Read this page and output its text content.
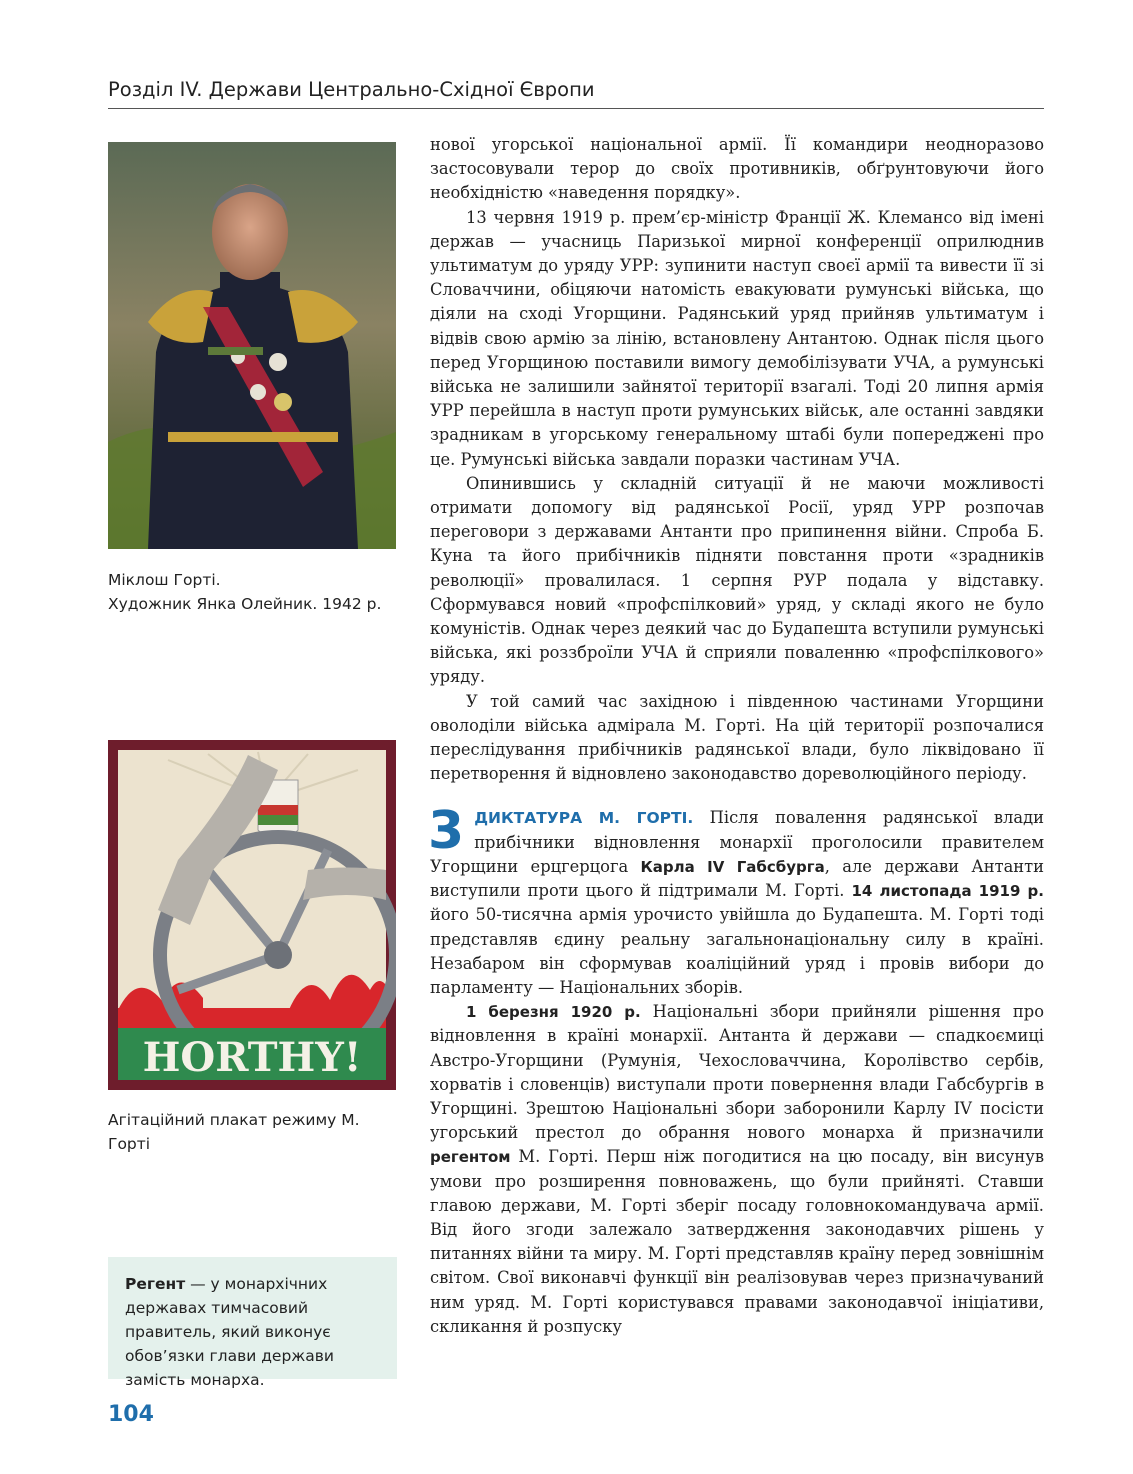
Розділ IV. Держави Центрально-Східної Європи
Міклош Горті.
Художник Янка Олейник. 1942 р.
HORTHY!
Агітаційний плакат режиму М. Горті
Регент — у монархічних державах тимчасовий правитель, який виконує обов’язки глави держави замість монарха.
104

нової угорської національної армії. Її командири неодноразово застосовували терор до своїх противників, обґрунтовуючи його необхідністю «наведення порядку».

13 червня 1919 р. прем’єр-міністр Франції Ж. Клемансо від імені держав — учасниць Паризької мирної конференції оприлюднив ультиматум до уряду УРР: зупинити наступ своєї армії та вивести її зі Словаччини, обіцяючи натомість евакуювати румунські війська, що діяли на сході Угорщини. Радянський уряд прийняв ультиматум і відвів свою армію за лінію, встановлену Антантою. Однак після цього перед Угорщиною поставили вимогу демобілізувати УЧА, а румунські війська не залишили зайнятої території взагалі. Тоді 20 липня армія УРР перейшла в наступ проти румунських військ, але останні завдяки зрадникам в угорському генеральному штабі були попереджені про це. Румунські війська завдали поразки частинам УЧА.

Опинившись у складній ситуації й не маючи можливості отримати допомогу від радянської Росії, уряд УРР розпочав переговори з державами Антанти про припинення війни. Спроба Б. Куна та його прибічників підняти повстання проти «зрадників революції» провалилася. 1 серпня РУР подала у відставку. Сформувався новий «профспілковий» уряд, у складі якого не було комуністів. Однак через деякий час до Будапешта вступили румунські війська, які роззброїли УЧА й сприяли поваленню «профспілкового» уряду.

У той самий час західною і південною частинами Угорщини оволоділи війська адмірала М. Горті. На цій території розпочалися переслідування прибічників радянської влади, було ліквідовано її перетворення й відновлено законодавство дореволюційного періоду.

3 ДИКТАТУРА М. ГОРТІ. Після повалення радянської влади прибічники відновлення монархії проголосили правителем Угорщини ерцгерцога Карла IV Габсбурга, але держави Антанти виступили проти цього й підтримали М. Горті. 14 листопада 1919 р. його 50-тисячна армія урочисто увійшла до Будапешта. М. Горті тоді представляв єдину реальну загальнонаціональну силу в країні. Незабаром він сформував коаліційний уряд і провів вибори до парламенту — Національних зборів.

1 березня 1920 р. Національні збори прийняли рішення про відновлення в країні монархії. Антанта й держави — спадкоємиці Австро-Угорщини (Румунія, Чехословаччина, Королівство сербів, хорватів і словенців) виступали проти повернення влади Габсбургів в Угорщині. Зрештою Національні збори заборонили Карлу IV посісти угорський престол до обрання нового монарха й призначили регентом М. Горті. Перш ніж погодитися на цю посаду, він висунув умови про розширення повноважень, що були прийняті. Ставши главою держави, М. Горті зберіг посаду головнокомандувача армії. Від його згоди залежало затвердження законодавчих рішень у питаннях війни та миру. М. Горті представляв країну перед зовнішнім світом. Свої виконавчі функції він реалізовував через призначуваний ним уряд. М. Горті користувався правами законодавчої ініціативи, скликання й розпуску
